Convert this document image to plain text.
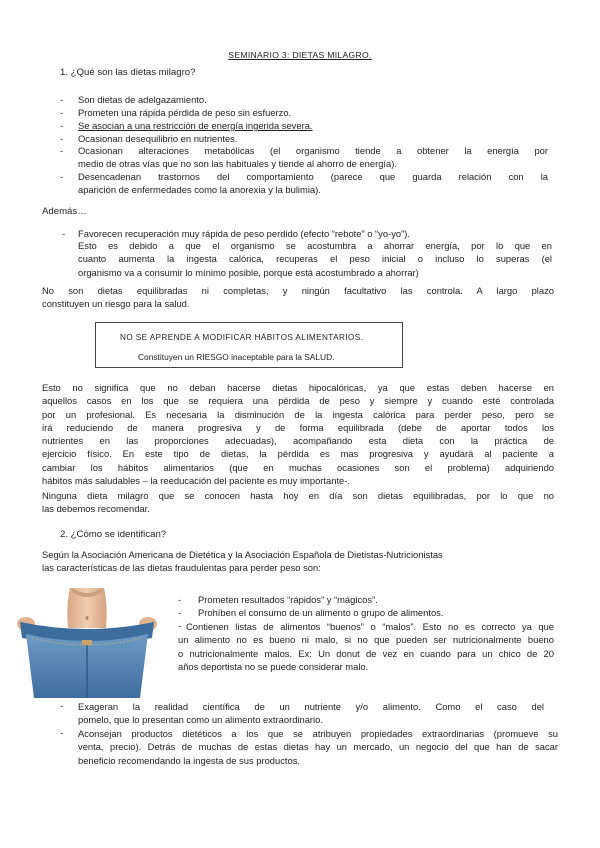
SEMINARIO 3: DIETAS MILAGRO.
1. ¿Qué son las dietas milagro?
- Son dietas de adelgazamiento.
- Prometen una rápida pérdida de peso sin esfuerzo.
- Se asocian a una restricción de energía ingerida severa.
- Ocasionan desequilibrio en nutrientes.
- Ocasionan alteraciones metabólicas (el organismo tiende a obtener la energía por
medio de otras vías que no son las habituales y tiende al ahorro de energía).
- Desencadenan trastornos del comportamiento (parece que guarda relación con la
aparición de enfermedades como la anorexia y la bulimia).
Además…
- Favorecen recuperación muy rápida de peso perdido (efecto “rebote” o “yo-yo”).
Esto es debido a que el organismo se acostumbra a ahorrar energía, por lo que en
cuanto aumenta la ingesta calórica, recuperas el peso inicial o incluso lo superas (el
organismo va a consumir lo mínimo posible, porque está acostumbrado a ahorrar)
No son dietas equilibradas ni completas, y ningún facultativo las controla. A largo plazo
constituyen un riesgo para la salud.
NO SE APRENDE A MODIFICAR HÁBITOS ALIMENTARIOS.
Constituyen un RIESGO inaceptable para la SALUD.
Esto no significa que no deban hacerse dietas hipocalóricas, ya que estas deben hacerse en
aquellos casos en los que se requiera una pérdida de peso y siempre y cuando esté controlada
por un profesional. Es necesaria la disminución de la ingesta calórica para perder peso, pero se
irá reduciendo de manera progresiva y de forma equilibrada (debe de aportar todos los
nutrientes en las proporciones adecuadas), acompañando esta dieta con la práctica de
ejercicio físico. En este tipo de dietas, la pérdida es mas progresiva y ayudará al paciente a
cambiar los hábitos alimentarios (que en muchas ocasiones son el problema) adquiriendo
hábitos más saludables – la reeducación del paciente es muy importante-.
Ninguna dieta milagro que se conocen hasta hoy en día son dietas equilibradas, por lo que no
las debemos recomendar.
2. ¿Cómo se identifican?
Según la Asociación Americana de Dietética y la Asociación Española de Dietistas-Nutricionistas
las características de las dietas fraudulentas para perder peso son:
- Prometen resultados “rápidos” y “mágicos”.
- Prohíben el consumo de un alimento o grupo de alimentos.
- Contienen listas de alimentos “buenos” o “malos”. Esto no es correcto ya que
un alimento no es bueno ni malo, si no que pueden ser nutricionalmente bueno
o nutricionalmente malos. Ex: Un donut de vez en cuando para un chico de 20
años deportista no se puede considerar malo.
- Exageran la realidad científica de un nutriente y/o alimento. Como el caso del
pomelo, que lo presentan como un alimento extraordinario.
- Aconsejan productos dietéticos a los que se atribuyen propiedades extraordinarias (promueve su
venta, precio). Detrás de muchas de estas dietas hay un mercado, un negocio del que han de sacar
beneficio recomendando la ingesta de sus productos.
